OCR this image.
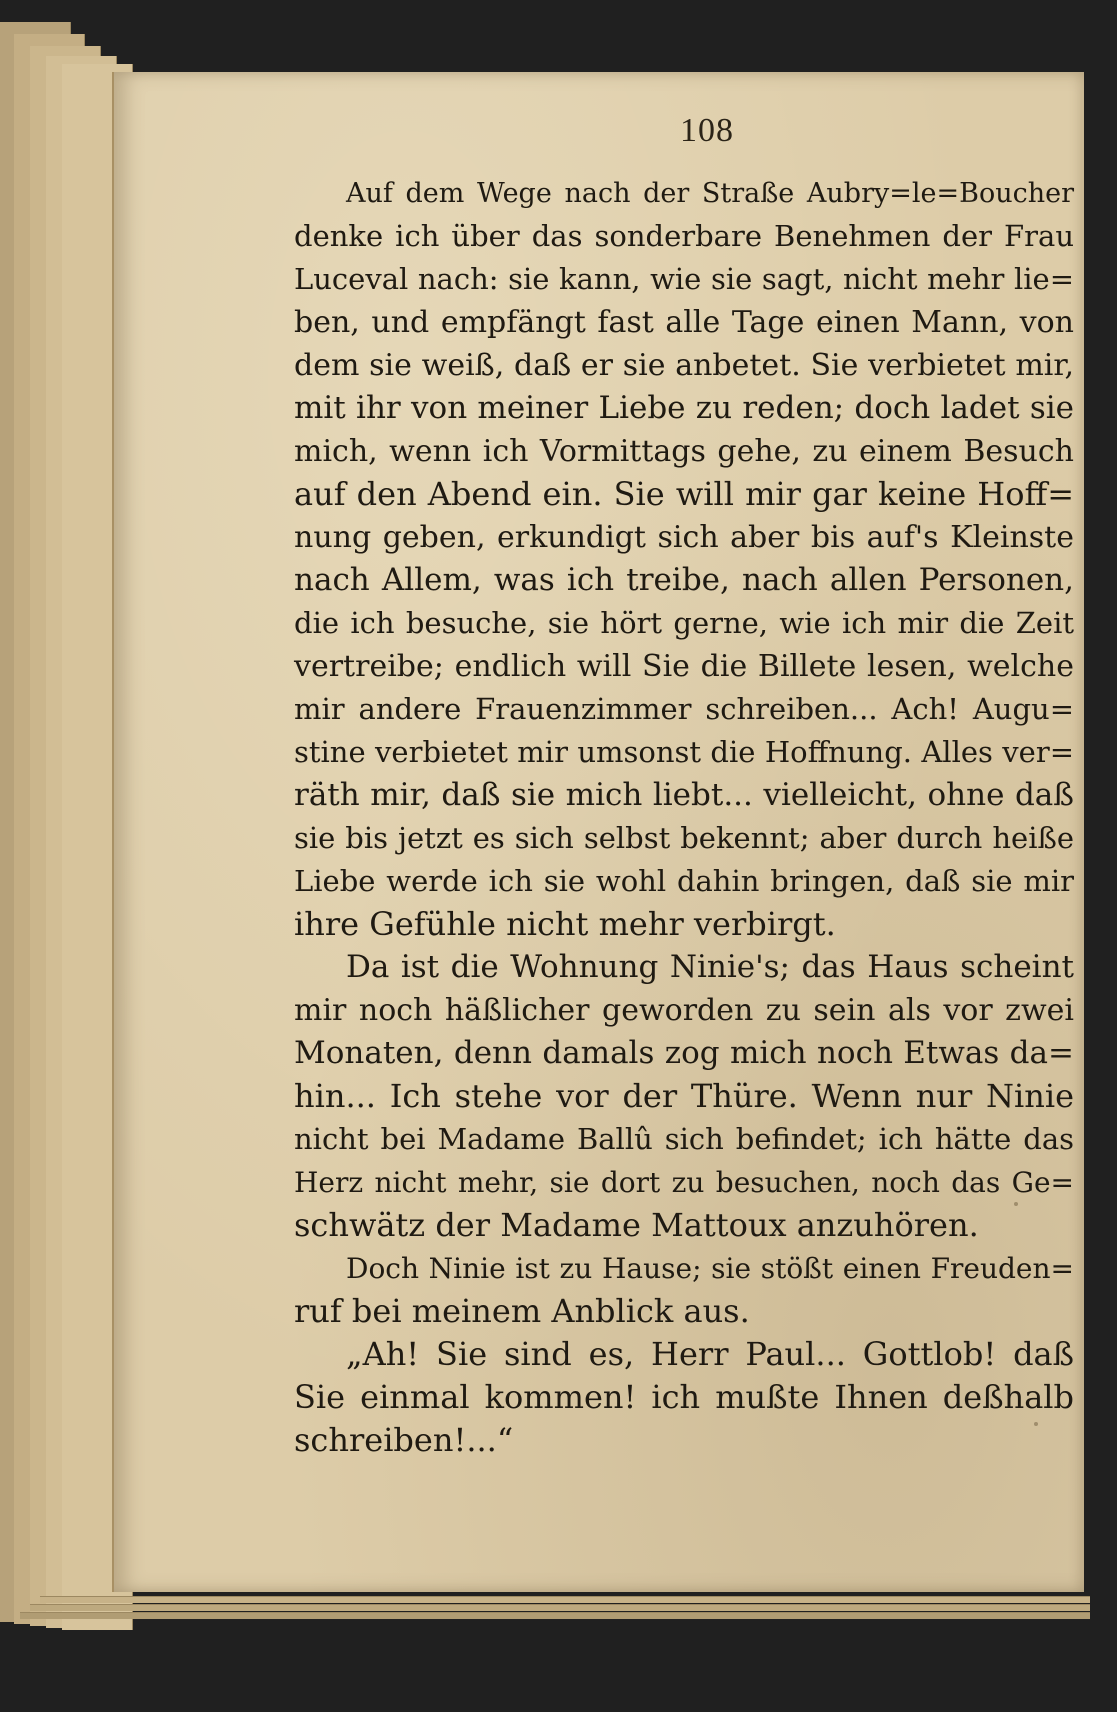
108
Auf dem Wege nach der Straße Aubry=le=Boucher
denke ich über das sonderbare Benehmen der Frau
Luceval nach: sie kann, wie sie sagt, nicht mehr lie=
ben, und empfängt fast alle Tage einen Mann, von
dem sie weiß, daß er sie anbetet. Sie verbietet mir,
mit ihr von meiner Liebe zu reden; doch ladet sie
mich, wenn ich Vormittags gehe, zu einem Besuch
auf den Abend ein. Sie will mir gar keine Hoff=
nung geben, erkundigt sich aber bis auf's Kleinste
nach Allem, was ich treibe, nach allen Personen,
die ich besuche, sie hört gerne, wie ich mir die Zeit
vertreibe; endlich will Sie die Billete lesen, welche
mir andere Frauenzimmer schreiben... Ach! Augu=
stine verbietet mir umsonst die Hoffnung. Alles ver=
räth mir, daß sie mich liebt... vielleicht, ohne daß
sie bis jetzt es sich selbst bekennt; aber durch heiße
Liebe werde ich sie wohl dahin bringen, daß sie mir
ihre Gefühle nicht mehr verbirgt.
Da ist die Wohnung Ninie's; das Haus scheint
mir noch häßlicher geworden zu sein als vor zwei
Monaten, denn damals zog mich noch Etwas da=
hin... Ich stehe vor der Thüre. Wenn nur Ninie
nicht bei Madame Ballû sich befindet; ich hätte das
Herz nicht mehr, sie dort zu besuchen, noch das Ge=
schwätz der Madame Mattoux anzuhören.
Doch Ninie ist zu Hause; sie stößt einen Freuden=
ruf bei meinem Anblick aus.
„Ah! Sie sind es, Herr Paul... Gottlob! daß
Sie einmal kommen! ich mußte Ihnen deßhalb
schreiben!...“
